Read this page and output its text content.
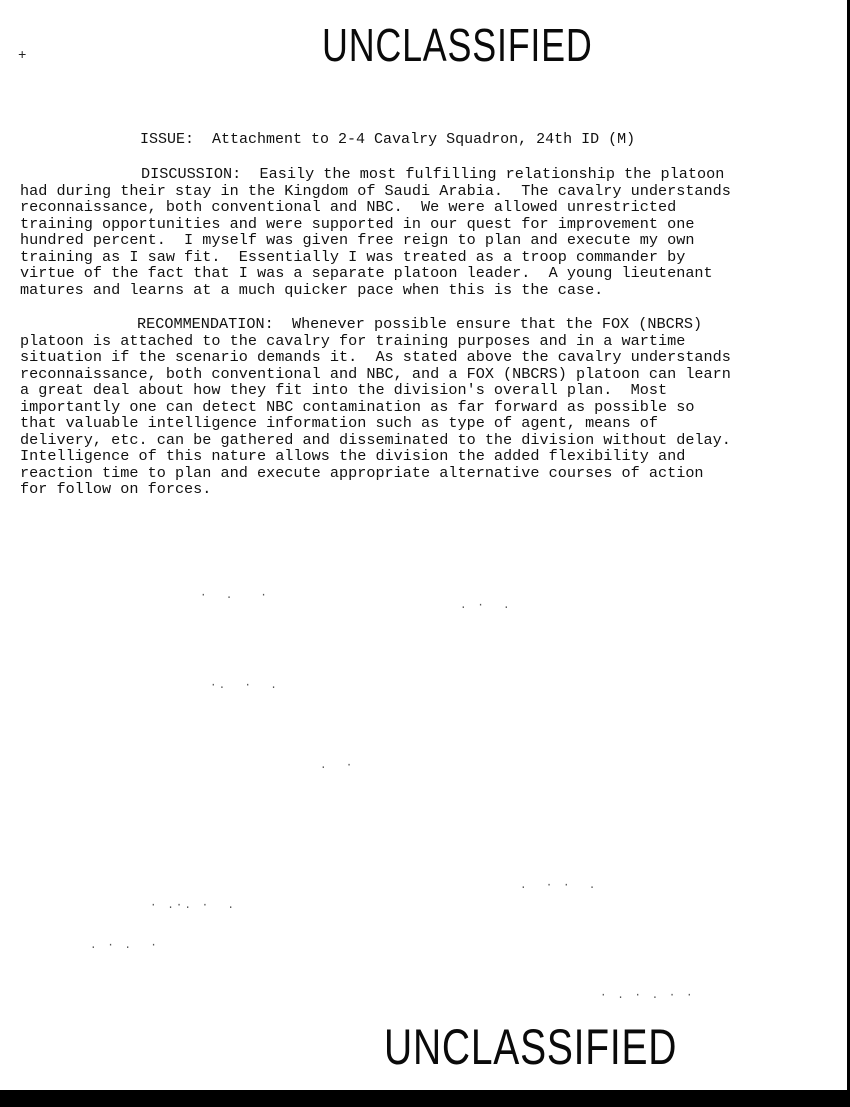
+	UNCLASSIFIED
ISSUE: Attachment to 2-4 Cavalry Squadron, 24th ID (M)
DISCUSSION: Easily the most fulfilling relationship the platoon
had during their stay in the Kingdom of Saudi Arabia.  The cavalry understands
reconnaissance, both conventional and NBC.  We were allowed unrestricted
training opportunities and were supported in our quest for improvement one
hundred percent.  I myself was given free reign to plan and execute my own
training as I saw fit.  Essentially I was treated as a troop commander by
virtue of the fact that I was a separate platoon leader.  A young lieutenant
matures and learns at a much quicker pace when this is the case.
RECOMMENDATION: Whenever possible ensure that the FOX (NBCRS)
platoon is attached to the cavalry for training purposes and in a wartime
situation if the scenario demands it.  As stated above the cavalry understands
reconnaissance, both conventional and NBC, and a FOX (NBCRS) platoon can learn
a great deal about how they fit into the division's overall plan.  Most
importantly one can detect NBC contamination as far forward as possible so
that valuable intelligence information such as type of agent, means of
delivery, etc. can be gathered and disseminated to the division without delay.
Intelligence of this nature allows the division the added flexibility and
reaction time to plan and execute appropriate alternative courses of action
for follow on forces.
·  .   ·
. ·  .
·.  ·  .
.  ·
· .·. ·  .
.  · ·  .
. · .  ·
· . · . · ·
UNCLASSIFIED
